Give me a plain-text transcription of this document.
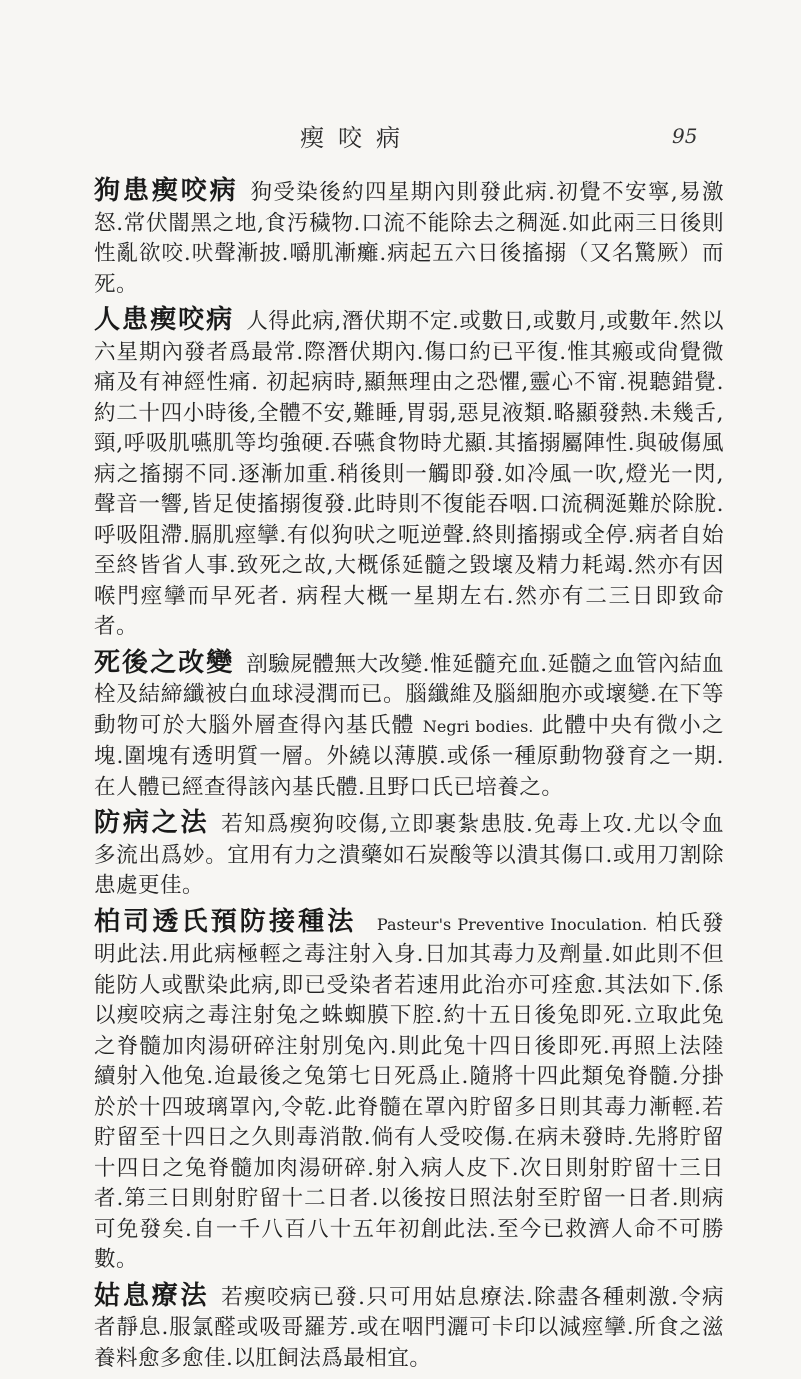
瘈咬病	95

狗患瘈咬病 狗受染後約四星期內則發此病.初覺不安寧,易激怒.常伏闇黑之地,食汚穢物.口流不能除去之稠涎.如此兩三日後則性亂欲咬.吠聲漸披.嚼肌漸癱.病起五六日後搐搦（又名驚厥）而死。

人患瘈咬病 人得此病,潛伏期不定.或數日,或數月,或數年.然以六星期內發者爲最常.際潛伏期內.傷口約已平復.惟其瘢或尙覺微痛及有神經性痛. 初起病時,顯無理由之恐懼,靈心不甯.視聽錯覺.約二十四小時後,全體不安,難睡,胃弱,惡見液類.略顯發熱.未幾舌,頸,呼吸肌嚥肌等均強硬.吞嚥食物時尤顯.其搐搦屬陣性.與破傷風病之搐搦不同.逐漸加重.稍後則一觸即發.如冷風一吹,燈光一閃,聲音一響,皆足使搐搦復發.此時則不復能吞咽.口流稠涎難於除脫.呼吸阻滯.膈肌痙攣.有似狗吠之呃逆聲.終則搐搦或全停.病者自始至終皆省人事.致死之故,大概係延髓之毀壞及精力耗竭.然亦有因喉門痙攣而早死者. 病程大概一星期左右.然亦有二三日即致命者。

死後之改變 剖驗屍體無大改變.惟延髓充血.延髓之血管內結血栓及結締纖被白血球浸潤而已。腦纖維及腦細胞亦或壞變.在下等動物可於大腦外層查得內基氏體 Negri bodies. 此體中央有微小之塊.圍塊有透明質一層。外繞以薄膜.或係一種原動物發育之一期.在人體已經查得該內基氏體.且野口氏已培養之。

防病之法 若知爲瘈狗咬傷,立即裹紮患肢.免毒上攻.尤以令血多流出爲妙。宜用有力之潰藥如石炭酸等以潰其傷口.或用刀割除患處更佳。

柏司透氏預防接種法 Pasteur's Preventive Inoculation. 柏氏發明此法.用此病極輕之毒注射入身.日加其毒力及劑量.如此則不但能防人或獸染此病,即已受染者若速用此治亦可痊愈.其法如下.係以瘈咬病之毒注射兔之蛛蜘膜下腔.約十五日後兔即死.立取此兔之脊髓加肉湯研碎注射別兔內.則此兔十四日後即死.再照上法陸續射入他兔.迨最後之兔第七日死爲止.隨將十四此類兔脊髓.分掛於於十四玻璃罩內,令乾.此脊髓在罩內貯留多日則其毒力漸輕.若貯留至十四日之久則毒消散.倘有人受咬傷.在病未發時.先將貯留十四日之兔脊髓加肉湯研碎.射入病人皮下.次日則射貯留十三日者.第三日則射貯留十二日者.以後按日照法射至貯留一日者.則病可免發矣.自一千八百八十五年初創此法.至今已救濟人命不可勝數。

姑息療法 若瘈咬病已發.只可用姑息療法.除盡各種刺激.令病者靜息.服氯醛或吸哥羅芳.或在咽門灑可卡印以減痙攣.所食之滋養料愈多愈佳.以肛飼法爲最相宜。
